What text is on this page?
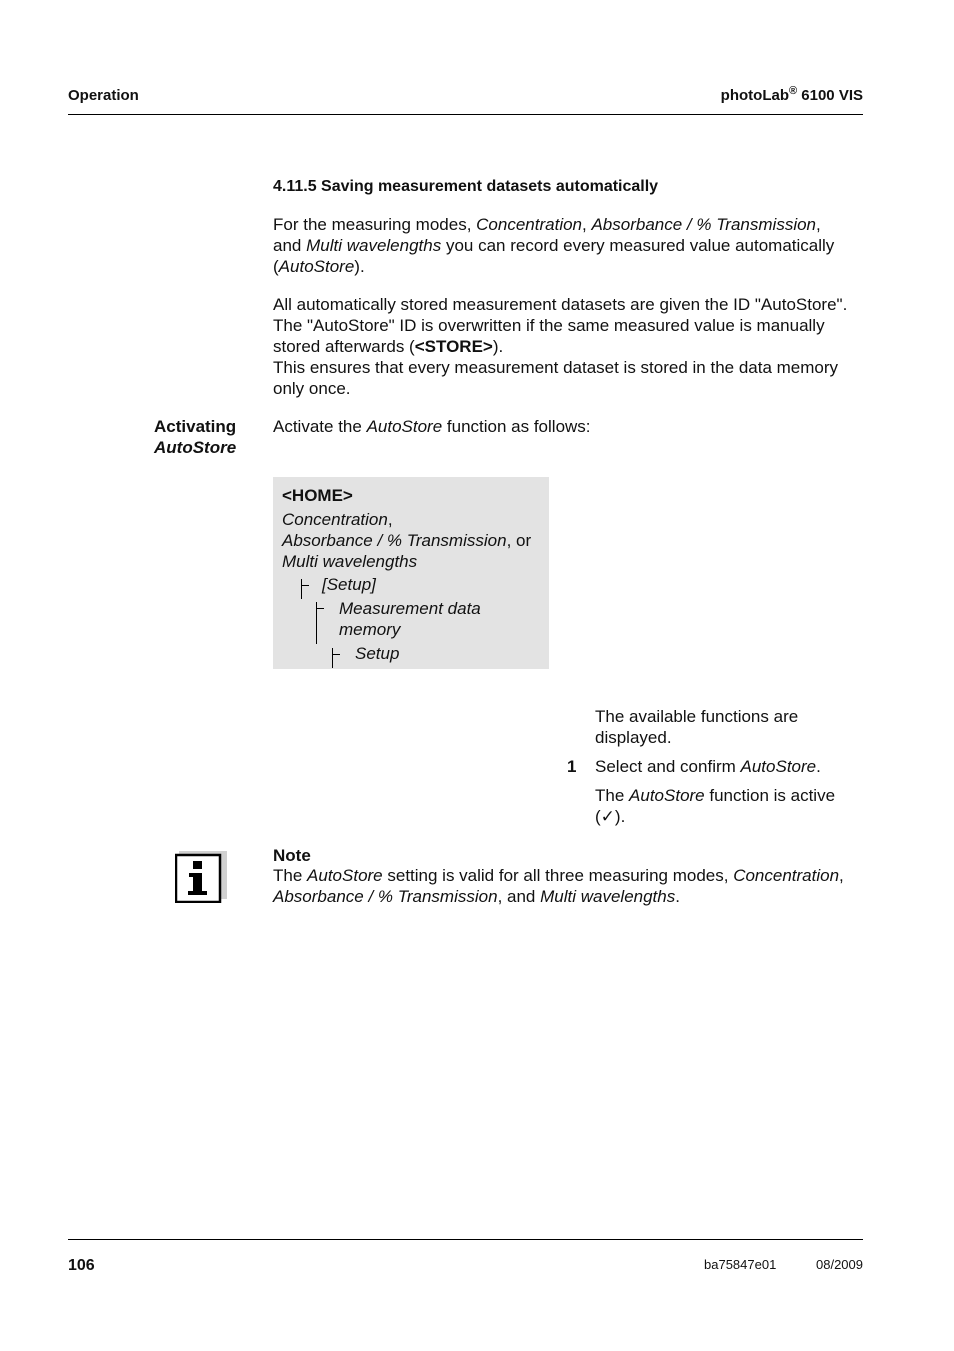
Operation	photoLab® 6100 VIS
4.11.5 Saving measurement datasets automatically

For the measuring modes, Concentration, Absorbance / % Transmission,

and Multi wavelengths you can record every measured value automatically

(AutoStore).

All automatically stored measurement datasets are given the ID "AutoStore".

The "AutoStore" ID is overwritten if the same measured value is manually

stored afterwards (<STORE>).

This ensures that every measurement dataset is stored in the data memory

only once.

Activating

AutoStore

Activate the AutoStore function as follows:
<HOME>

Concentration,

Absorbance / % Transmission, or

Multi wavelengths

[Setup]

Measurement data

memory

Setup

The available functions are

displayed.

1 Select and confirm AutoStore.

The AutoStore function is active

(✓).

Note

The AutoStore setting is valid for all three measuring modes, Concentration,

Absorbance / % Transmission, and Multi wavelengths.

106	ba75847e01	08/2009
